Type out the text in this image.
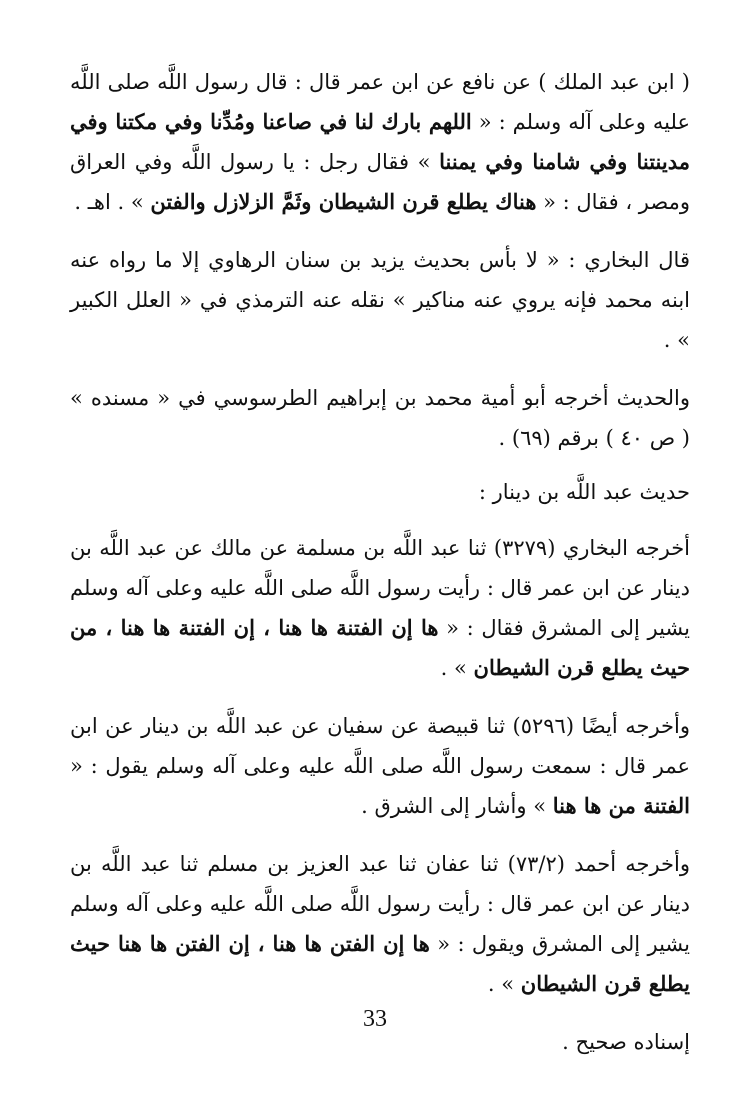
( ابن عبد الملك ) عن نافع عن ابن عمر قال : قال رسول اللَّه صلى اللَّه عليه وعلى آله وسلم : « اللهم بارك لنا في صاعنا ومُدِّنا وفي مكتنا وفي مدينتنا وفي شامنا وفي يمننا » فقال رجل : يا رسول اللَّه وفي العراق ومصر ، فقال : « هناك يطلع قرن الشيطان وثَمَّ الزلازل والفتن » . اهـ .

قال البخاري : « لا بأس بحديث يزيد بن سنان الرهاوي إلا ما رواه عنه ابنه محمد فإنه يروي عنه مناكير » نقله عنه الترمذي في « العلل الكبير » .

والحديث أخرجه أبو أمية محمد بن إبراهيم الطرسوسي في « مسنده » ( ص ٤٠ ) برقم (٦٩) .

حديث عبد اللَّه بن دينار :

أخرجه البخاري (٣٢٧٩) ثنا عبد اللَّه بن مسلمة عن مالك عن عبد اللَّه بن دينار عن ابن عمر قال : رأيت رسول اللَّه صلى اللَّه عليه وعلى آله وسلم يشير إلى المشرق فقال : « ها إن الفتنة ها هنا ، إن الفتنة ها هنا ، من حيث يطلع قرن الشيطان » .

وأخرجه أيضًا (٥٢٩٦) ثنا قبيصة عن سفيان عن عبد اللَّه بن دينار عن ابن عمر قال : سمعت رسول اللَّه صلى اللَّه عليه وعلى آله وسلم يقول : « الفتنة من ها هنا » وأشار إلى الشرق .

وأخرجه أحمد (٧٣/٢) ثنا عفان ثنا عبد العزيز بن مسلم ثنا عبد اللَّه بن دينار عن ابن عمر قال : رأيت رسول اللَّه صلى اللَّه عليه وعلى آله وسلم يشير إلى المشرق ويقول : « ها إن الفتن ها هنا ، إن الفتن ها هنا حيث يطلع قرن الشيطان » .

إسناده صحيح .

33
